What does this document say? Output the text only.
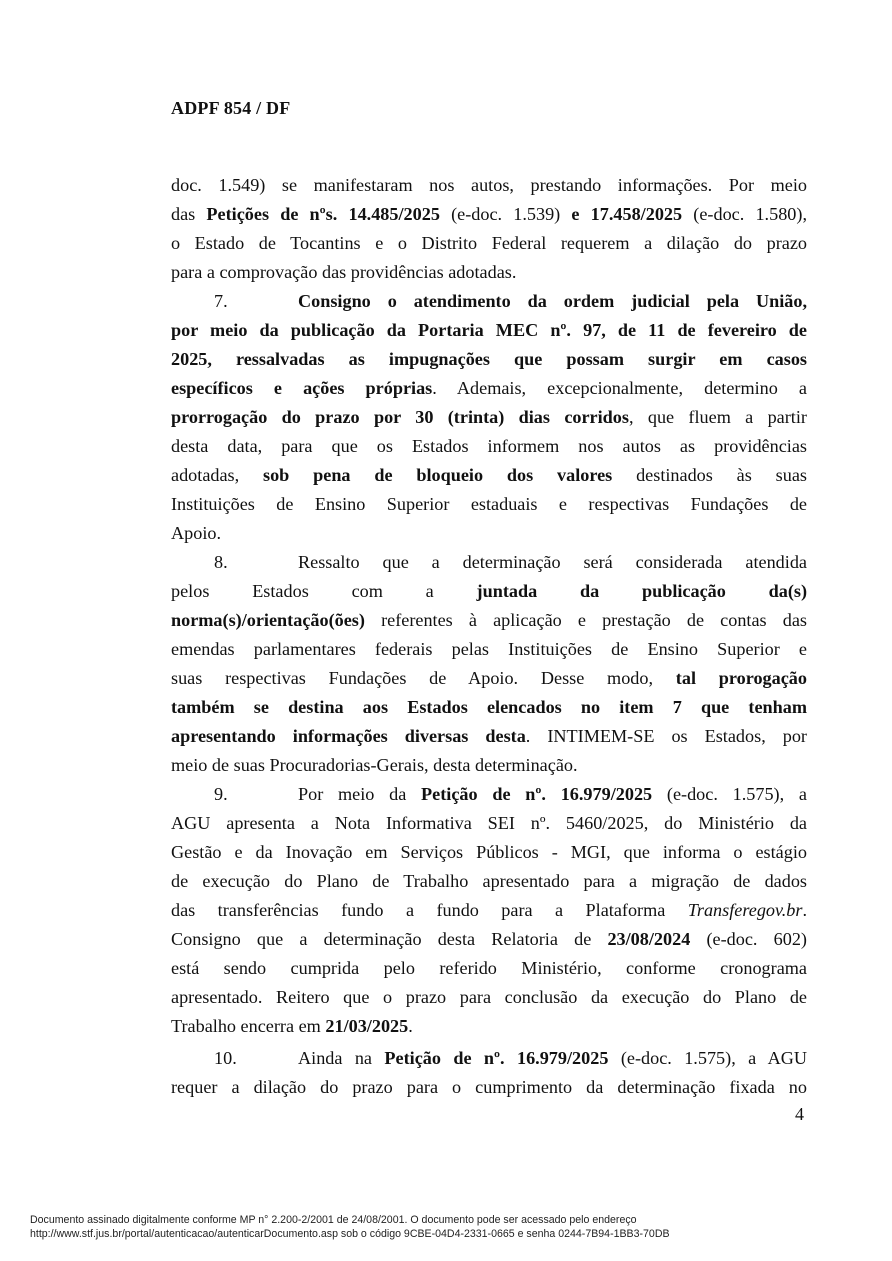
ADPF 854 / DF
doc. 1.549) se manifestaram nos autos, prestando informações. Por meio
das Petições de nºs. 14.485/2025 (e-doc. 1.539) e 17.458/2025 (e-doc. 1.580),
o Estado de Tocantins e o Distrito Federal requerem a dilação do prazo
para a comprovação das providências adotadas.
7.	Consigno o atendimento da ordem judicial pela União,
por meio da publicação da Portaria MEC nº. 97, de 11 de fevereiro de
2025, ressalvadas as impugnações que possam surgir em casos
específicos e ações próprias. Ademais, excepcionalmente, determino a
prorrogação do prazo por 30 (trinta) dias corridos, que fluem a partir
desta data, para que os Estados informem nos autos as providências
adotadas, sob pena de bloqueio dos valores destinados às suas
Instituições de Ensino Superior estaduais e respectivas Fundações de
Apoio.
8.	Ressalto que a determinação será considerada atendida
pelos Estados com a juntada da publicação da(s)
norma(s)/orientação(ões) referentes à aplicação e prestação de contas das
emendas parlamentares federais pelas Instituições de Ensino Superior e
suas respectivas Fundações de Apoio. Desse modo, tal prorogação
também se destina aos Estados elencados no item 7 que tenham
apresentando informações diversas desta. INTIMEM-SE os Estados, por
meio de suas Procuradorias-Gerais, desta determinação.
9.	Por meio da Petição de nº. 16.979/2025 (e-doc. 1.575), a
AGU apresenta a Nota Informativa SEI nº. 5460/2025, do Ministério da
Gestão e da Inovação em Serviços Públicos - MGI, que informa o estágio
de execução do Plano de Trabalho apresentado para a migração de dados
das transferências fundo a fundo para a Plataforma Transferegov.br.
Consigno que a determinação desta Relatoria de 23/08/2024 (e-doc. 602)
está sendo cumprida pelo referido Ministério, conforme cronograma
apresentado. Reitero que o prazo para conclusão da execução do Plano de
Trabalho encerra em 21/03/2025.
10.	Ainda na Petição de nº. 16.979/2025 (e-doc. 1.575), a AGU
requer a dilação do prazo para o cumprimento da determinação fixada no
4
Documento assinado digitalmente conforme MP n° 2.200-2/2001 de 24/08/2001. O documento pode ser acessado pelo endereço
http://www.stf.jus.br/portal/autenticacao/autenticarDocumento.asp sob o código 9CBE-04D4-2331-0665 e senha 0244-7B94-1BB3-70DB
